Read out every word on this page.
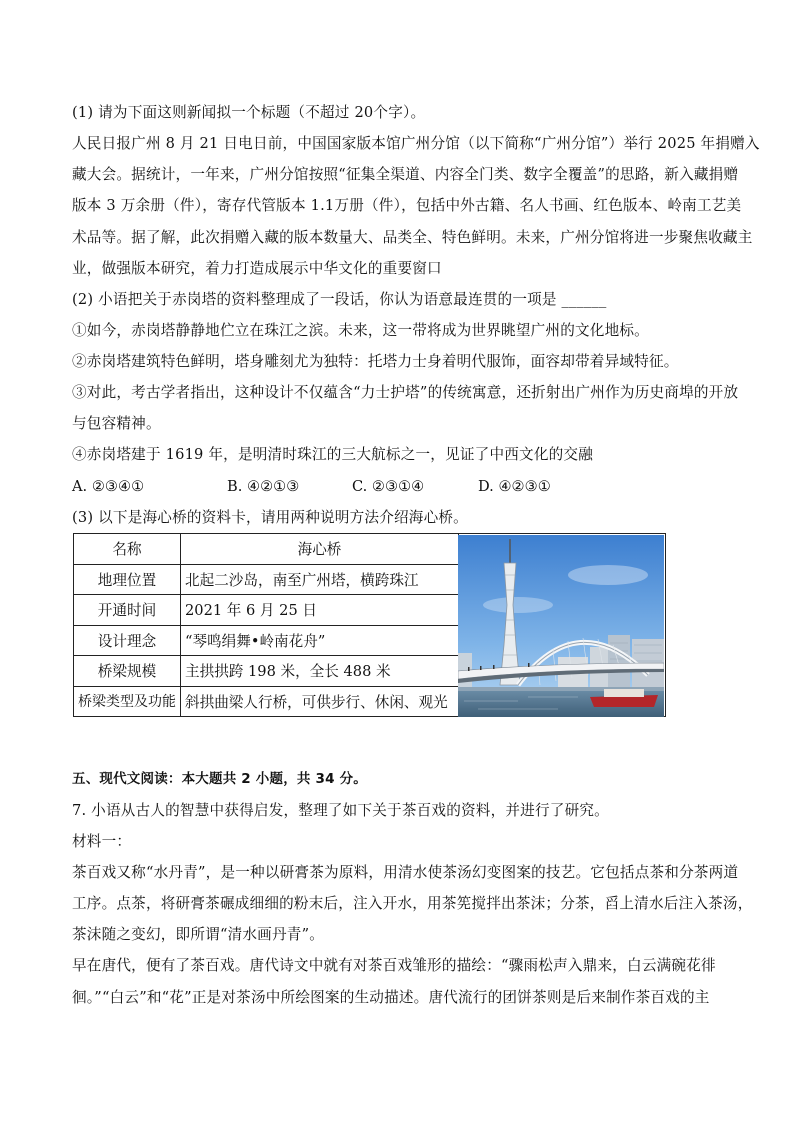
(1) 请为下面这则新闻拟一个标题（不超过 20个字）。
人民日报广州 8 月 21 日电日前，中国国家版本馆广州分馆（以下简称“广州分馆”）举行 2025 年捐赠入
藏大会。据统计，一年来，广州分馆按照“征集全渠道、内容全门类、数字全覆盖”的思路，新入藏捐赠
版本 3 万余册（件），寄存代管版本 1.1万册（件），包括中外古籍、名人书画、红色版本、岭南工艺美
术品等。据了解，此次捐赠入藏的版本数量大、品类全、特色鲜明。未来，广州分馆将进一步聚焦收藏主
业，做强版本研究，着力打造成展示中华文化的重要窗口
(2) 小语把关于赤岗塔的资料整理成了一段话，你认为语意最连贯的一项是 ______
①如今，赤岗塔静静地伫立在珠江之滨。未来，这一带将成为世界眺望广州的文化地标。
②赤岗塔建筑特色鲜明，塔身雕刻尤为独特：托塔力士身着明代服饰，面容却带着异域特征。
③对此，考古学者指出，这种设计不仅蕴含“力士护塔”的传统寓意，还折射出广州作为历史商埠的开放
与包容精神。
④赤岗塔建于 1619 年，是明清时珠江的三大航标之一，见证了中西文化的交融
A. ②③④①	B. ④②①③	C. ②③①④	D. ④②③①
(3) 以下是海心桥的资料卡，请用两种说明方法介绍海心桥。
名称	海心桥	
地理位置	北起二沙岛，南至广州塔，横跨珠江	
开通时间	2021 年 6 月 25 日	
设计理念	“琴鸣绢舞•岭南花舟”	
桥梁规模	主拱拱跨 198 米，全长 488 米	
桥梁类型及功能	斜拱曲梁人行桥，可供步行、休闲、观光	
五、现代文阅读：本大题共 2 小题，共 34 分。
7. 小语从古人的智慧中获得启发，整理了如下关于茶百戏的资料，并进行了研究。
材料一：
茶百戏又称“水丹青”，是一种以研膏茶为原料，用清水使茶汤幻变图案的技艺。它包括点茶和分茶两道
工序。点茶，将研膏茶碾成细细的粉末后，注入开水，用茶筅搅拌出茶沫；分茶，舀上清水后注入茶汤，
茶沫随之变幻，即所谓“清水画丹青”。
早在唐代，便有了茶百戏。唐代诗文中就有对茶百戏雏形的描绘：“骤雨松声入鼎来，白云满碗花徘
徊。”“白云”和“花”正是对茶汤中所绘图案的生动描述。唐代流行的团饼茶则是后来制作茶百戏的主
